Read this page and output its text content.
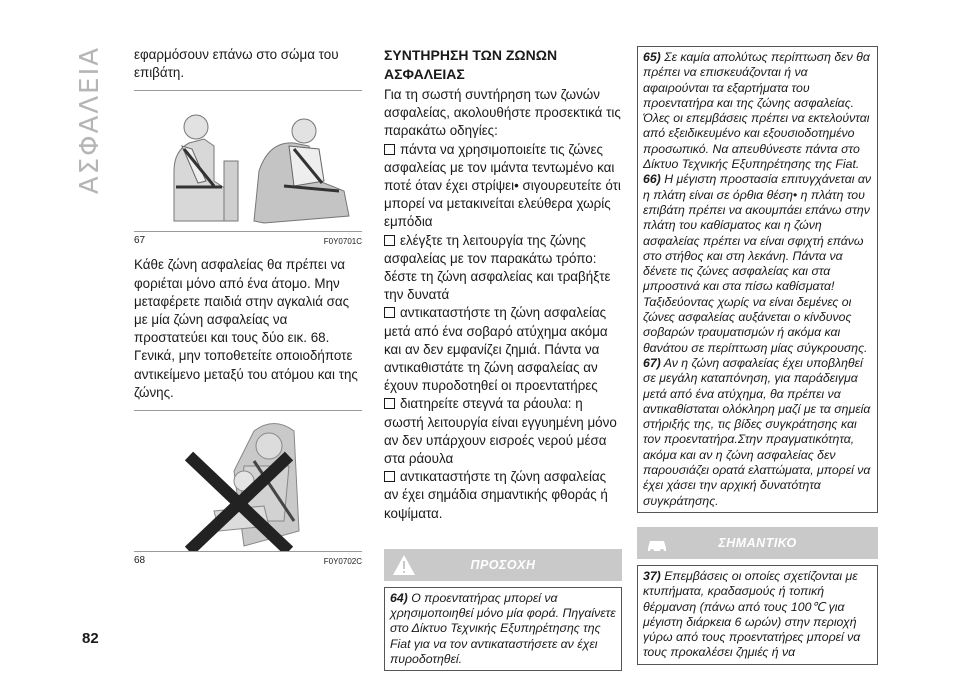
ΑΣΦΑΛΕΙΑ
82
εφαρμόσουν επάνω στο σώμα του επιβάτη.
67	F0Y0701C
Κάθε ζώνη ασφαλείας θα πρέπει να φοριέται μόνο από ένα άτομο. Μην μεταφέρετε παιδιά στην αγκαλιά σας με μία ζώνη ασφαλείας να προστατεύει και τους δύο εικ. 68. Γενικά, μην τοποθετείτε οποιοδήποτε αντικείμενο μεταξύ του ατόμου και της ζώνης.
68	F0Y0702C
ΣΥΝΤΗΡΗΣΗ ΤΩΝ ΖΩΝΩΝ ΑΣΦΑΛΕΙΑΣ
Για τη σωστή συντήρηση των ζωνών ασφαλείας, ακολουθήστε προσεκτικά τις παρακάτω οδηγίες:
πάντα να χρησιμοποιείτε τις ζώνες ασφαλείας με τον ιμάντα τεντωμένο και ποτέ όταν έχει στρίψει• σιγουρευτείτε ότι μπορεί να μετακινείται ελεύθερα χωρίς εμπόδια
ελέγξτε τη λειτουργία της ζώνης ασφαλείας με τον παρακάτω τρόπο: δέστε τη ζώνη ασφαλείας και τραβήξτε την δυνατά
αντικαταστήστε τη ζώνη ασφαλείας μετά από ένα σοβαρό ατύχημα ακόμα και αν δεν εμφανίζει ζημιά. Πάντα να αντικαθιστάτε τη ζώνη ασφαλείας αν έχουν πυροδοτηθεί οι προεντατήρες
διατηρείτε στεγνά τα ράουλα: η σωστή λειτουργία είναι εγγυημένη μόνο αν δεν υπάρχουν εισροές νερού μέσα στα ράουλα
αντικαταστήστε τη ζώνη ασφαλείας αν έχει σημάδια σημαντικής φθοράς ή κοψίματα.
ΠΡΟΣΟΧΗ
64) Ο προεντατήρας μπορεί να χρησιμοποιηθεί μόνο μία φορά. Πηγαίνετε στο Δίκτυο Τεχνικής Εξυπηρέτησης της Fiat για να τον αντικαταστήσετε αν έχει πυροδοτηθεί.
65) Σε καμία απολύτως περίπτωση δεν θα πρέπει να επισκευάζονται ή να αφαιρούνται τα εξαρτήματα του προεντατήρα και της ζώνης ασφαλείας. Όλες οι επεμβάσεις πρέπει να εκτελούνται από εξειδικευμένο και εξουσιοδοτημένο προσωπικό. Να απευθύνεστε πάντα στο Δίκτυο Τεχνικής Εξυπηρέτησης της Fiat.
66) Η μέγιστη προστασία επιτυγχάνεται αν η πλάτη είναι σε όρθια θέση• η πλάτη του επιβάτη πρέπει να ακουμπάει επάνω στην πλάτη του καθίσματος και η ζώνη ασφαλείας πρέπει να είναι σφιχτή επάνω στο στήθος και στη λεκάνη. Πάντα να δένετε τις ζώνες ασφαλείας και στα μπροστινά και στα πίσω καθίσματα! Ταξιδεύοντας χωρίς να είναι δεμένες οι ζώνες ασφαλείας αυξάνεται ο κίνδυνος σοβαρών τραυματισμών ή ακόμα και θανάτου σε περίπτωση μίας σύγκρουσης.
67) Αν η ζώνη ασφαλείας έχει υποβληθεί σε μεγάλη καταπόνηση, για παράδειγμα μετά από ένα ατύχημα, θα πρέπει να αντικαθίσταται ολόκληρη μαζί με τα σημεία στήριξής της, τις βίδες συγκράτησης και τον προεντατήρα.Στην πραγματικότητα, ακόμα και αν η ζώνη ασφαλείας δεν παρουσιάζει ορατά ελαττώματα, μπορεί να έχει χάσει την αρχική δυνατότητα συγκράτησης.
ΣΗΜΑΝΤΙΚΟ
37) Επεμβάσεις οι οποίες σχετίζονται με κτυπήματα, κραδασμούς ή τοπική θέρμανση (πάνω από τους 100℃ για μέγιστη διάρκεια 6 ωρών) στην περιοχή γύρω από τους προεντατήρες μπορεί να τους προκαλέσει ζημιές ή να
